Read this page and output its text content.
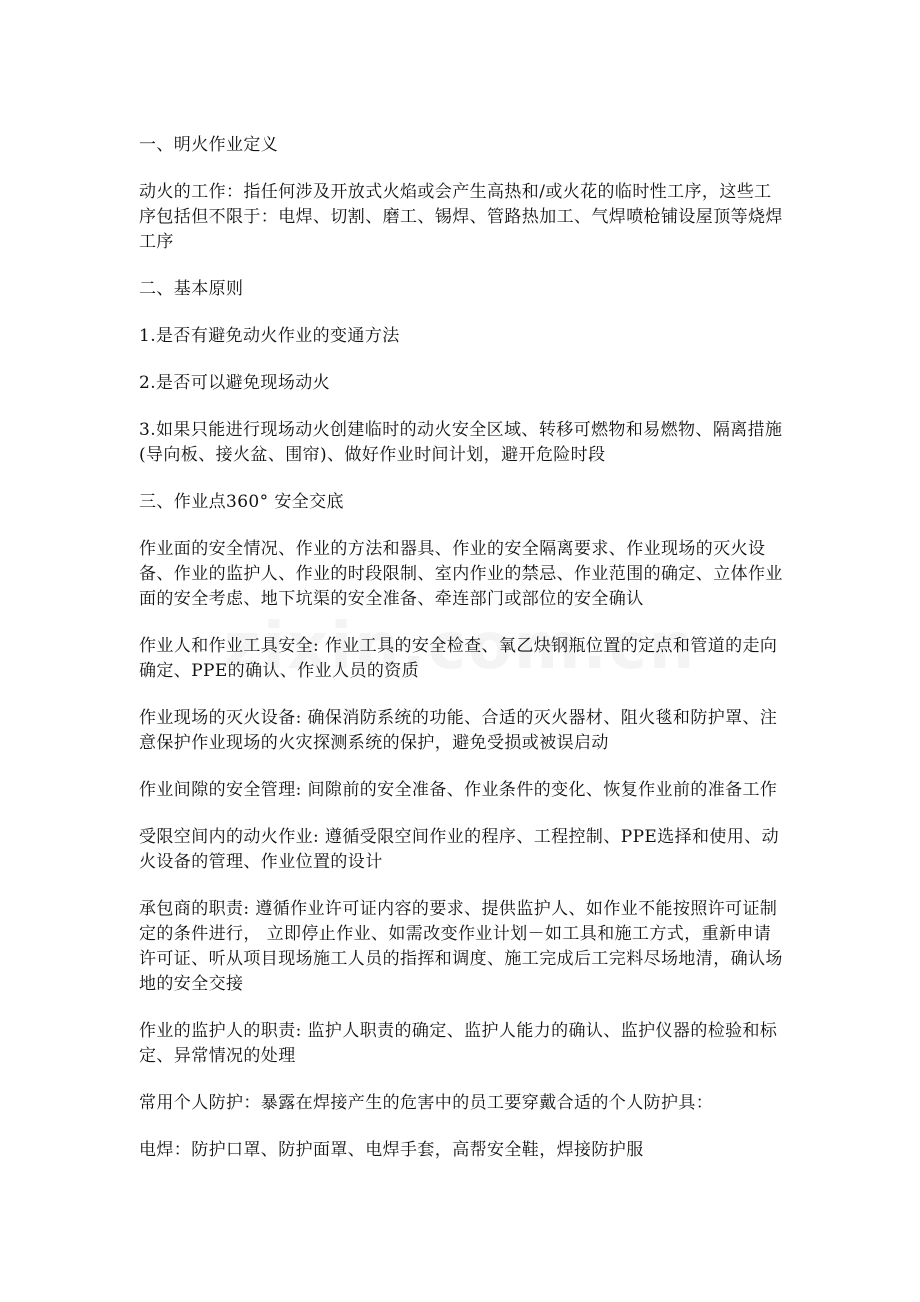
一、明火作业定义

动火的工作：指任何涉及开放式火焰或会产生高热和/或火花的临时性工序，这些工序包括但不限于：电焊、切割、磨工、锡焊、管路热加工、气焊喷枪铺设屋顶等烧焊工序

二、基本原则

1.是否有避免动火作业的变通方法

2.是否可以避免现场动火

3.如果只能进行现场动火创建临时的动火安全区域、转移可燃物和易燃物、隔离措施(导向板、接火盆、围帘)、做好作业时间计划，避开危险时段

三、作业点360° 安全交底

作业面的安全情况、作业的方法和器具、作业的安全隔离要求、作业现场的灭火设备、作业的监护人、作业的时段限制、室内作业的禁忌、作业范围的确定、立体作业面的安全考虑、地下坑渠的安全准备、牵连部门或部位的安全确认

作业人和作业工具安全: 作业工具的安全检查、氧乙炔钢瓶位置的定点和管道的走向确定、PPE的确认、作业人员的资质

作业现场的灭火设备: 确保消防系统的功能、合适的灭火器材、阻火毯和防护罩、注意保护作业现场的火灾探测系统的保护，避免受损或被误启动

作业间隙的安全管理: 间隙前的安全准备、作业条件的变化、恢复作业前的准备工作

受限空间内的动火作业: 遵循受限空间作业的程序、工程控制、PPE选择和使用、动火设备的管理、作业位置的设计

承包商的职责: 遵循作业许可证内容的要求、提供监护人、如作业不能按照许可证制定的条件进行， 立即停止作业、如需改变作业计划－如工具和施工方式，重新申请许可证、听从项目现场施工人员的指挥和调度、施工完成后工完料尽场地清，确认场地的安全交接

作业的监护人的职责: 监护人职责的确定、监护人能力的确认、监护仪器的检验和标定、异常情况的处理

常用个人防护：暴露在焊接产生的危害中的员工要穿戴合适的个人防护具：

电焊：防护口罩、防护面罩、电焊手套，高帮安全鞋，焊接防护服
